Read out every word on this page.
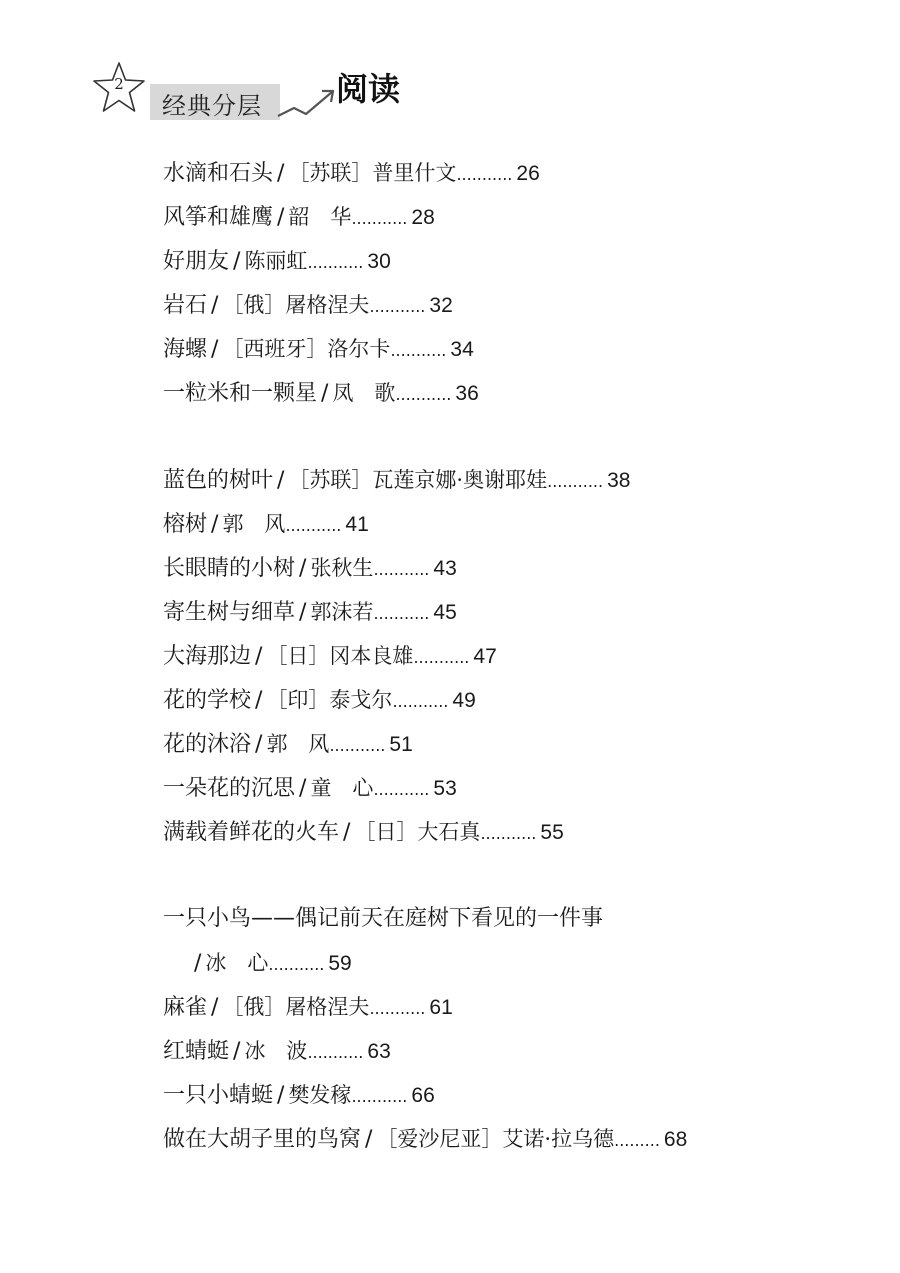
2
经典分层 阅读
水滴和石头 / ［苏联］普里什文........... 26
风筝和雄鹰 / 韶　华........... 28
好朋友 / 陈丽虹........... 30
岩石 / ［俄］屠格涅夫........... 32
海螺 / ［西班牙］洛尔卡........... 34
一粒米和一颗星 / 凤　歌........... 36
蓝色的树叶 / ［苏联］瓦莲京娜·奥谢耶娃........... 38
榕树 / 郭　风........... 41
长眼睛的小树 / 张秋生........... 43
寄生树与细草 / 郭沫若........... 45
大海那边 / ［日］冈本良雄........... 47
花的学校 / ［印］泰戈尔........... 49
花的沐浴 / 郭　风........... 51
一朵花的沉思 / 童　心........... 53
满载着鲜花的火车 / ［日］大石真........... 55
一只小鸟——偶记前天在庭树下看见的一件事
/ 冰　心........... 59
麻雀 / ［俄］屠格涅夫........... 61
红蜻蜓 / 冰　波........... 63
一只小蜻蜓 / 樊发稼........... 66
做在大胡子里的鸟窝 / ［爱沙尼亚］艾诺·拉乌德......... 68
